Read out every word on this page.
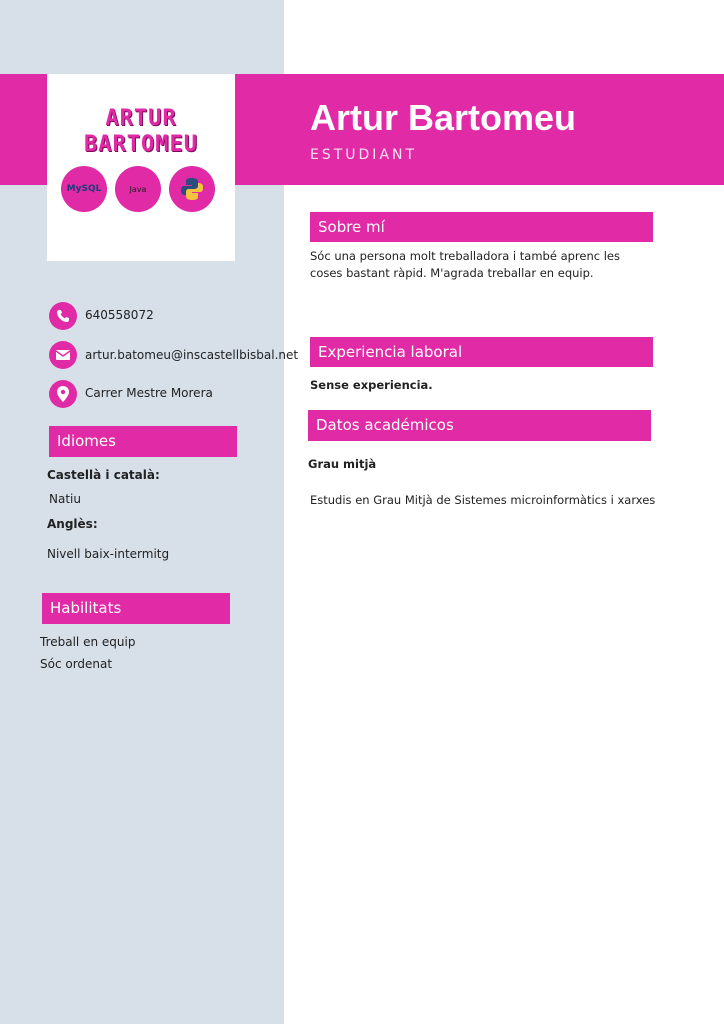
ARTUR
BARTOMEU
MySQL	Java
Artur Bartomeu
ESTUDIANT
640558072
artur.batomeu@inscastellbisbal.net
Carrer Mestre Morera
Idiomes
Castellà i català:
Natiu
Anglès:
Nivell baix-intermitg
Habilitats
Treball en equip
Sóc ordenat
Sobre mí
Sóc una persona molt treballadora i també aprenc les coses bastant ràpid. M'agrada treballar en equip.
Experiencia laboral
Sense experiencia.
Datos académicos
Grau mitjà
Estudis en Grau Mitjà de Sistemes microinformàtics i xarxes
